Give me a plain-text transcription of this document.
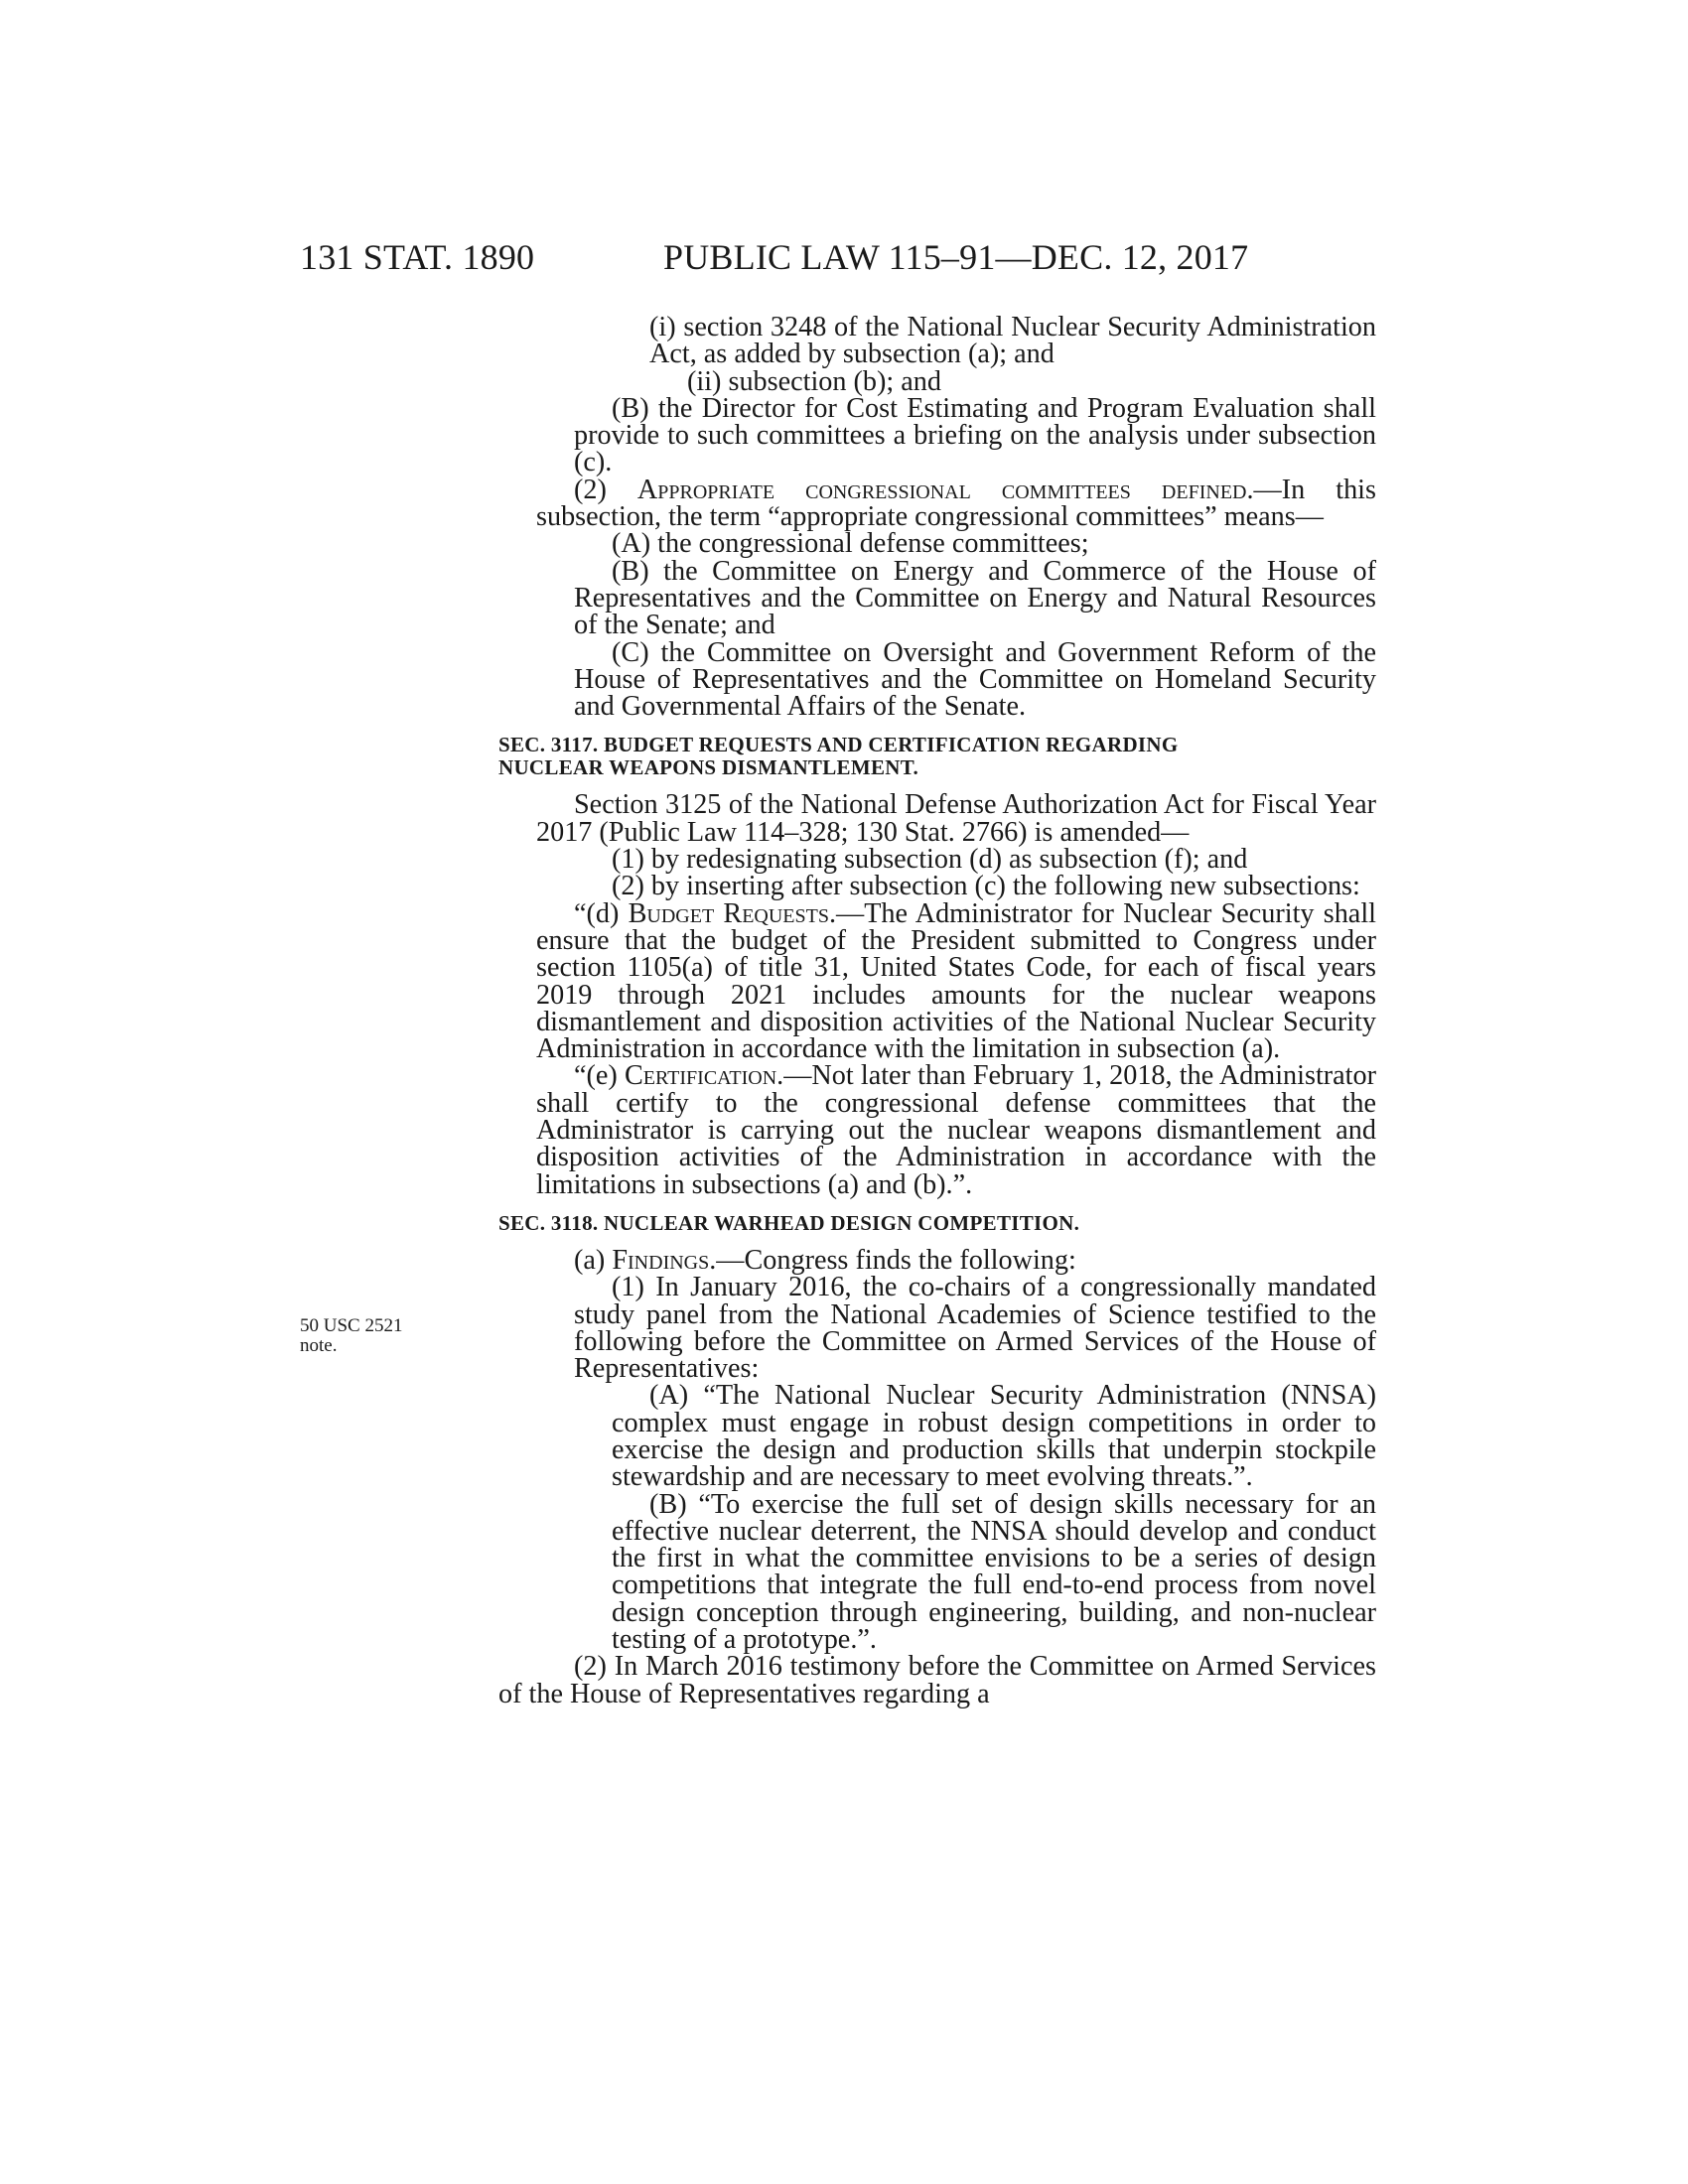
131 STAT. 1890	PUBLIC LAW 115–91—DEC. 12, 2017
50 USC 2521
note.

(i) section 3248 of the National Nuclear Security Administration Act, as added by subsection (a); and

(ii) subsection (b); and

(B) the Director for Cost Estimating and Program Evaluation shall provide to such committees a briefing on the analysis under subsection (c).

(2) Appropriate congressional committees defined.—In this subsection, the term “appropriate congressional committees” means—

(A) the congressional defense committees;

(B) the Committee on Energy and Commerce of the House of Representatives and the Committee on Energy and Natural Resources of the Senate; and

(C) the Committee on Oversight and Government Reform of the House of Representatives and the Committee on Homeland Security and Governmental Affairs of the Senate.

SEC. 3117. BUDGET REQUESTS AND CERTIFICATION REGARDING
NUCLEAR WEAPONS DISMANTLEMENT.

Section 3125 of the National Defense Authorization Act for Fiscal Year 2017 (Public Law 114–328; 130 Stat. 2766) is amended—

(1) by redesignating subsection (d) as subsection (f); and

(2) by inserting after subsection (c) the following new subsections:

“(d) Budget Requests.—The Administrator for Nuclear Security shall ensure that the budget of the President submitted to Congress under section 1105(a) of title 31, United States Code, for each of fiscal years 2019 through 2021 includes amounts for the nuclear weapons dismantlement and disposition activities of the National Nuclear Security Administration in accordance with the limitation in subsection (a).

“(e) Certification.—Not later than February 1, 2018, the Administrator shall certify to the congressional defense committees that the Administrator is carrying out the nuclear weapons dismantlement and disposition activities of the Administration in accordance with the limitations in subsections (a) and (b).”.

SEC. 3118. NUCLEAR WARHEAD DESIGN COMPETITION.

(a) Findings.—Congress finds the following:

(1) In January 2016, the co-chairs of a congressionally mandated study panel from the National Academies of Science testified to the following before the Committee on Armed Services of the House of Representatives:

(A) “The National Nuclear Security Administration (NNSA) complex must engage in robust design competitions in order to exercise the design and production skills that underpin stockpile stewardship and are necessary to meet evolving threats.”.

(B) “To exercise the full set of design skills necessary for an effective nuclear deterrent, the NNSA should develop and conduct the first in what the committee envisions to be a series of design competitions that integrate the full end-to-end process from novel design conception through engineering, building, and non-nuclear testing of a prototype.”.

(2) In March 2016 testimony before the Committee on Armed Services of the House of Representatives regarding a
